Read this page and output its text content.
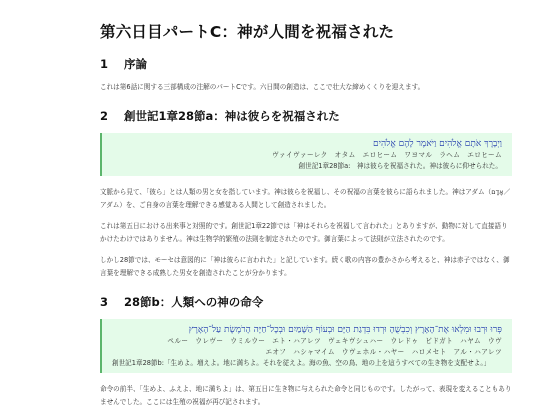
第六日目パートC：神が人間を祝福された
1 序論

これは第6話に関する三部構成の注解のパートCです。六日間の創造は、ここで壮大な締めくくりを迎えます。

2 創世記1章28節a：神は彼らを祝福された
וַיְבָרֶךְ אֹתָם אֱלֹהִים וַיֹּאמֶר לָהֶם אֱלֹהִים
ヴァイヴァーレク　オタム　エロヒーム　ワヨマル　ラヘム　エロヒーム
創世記1章28節a:　神は彼らを祝福された。神は彼らに仰せられた。

文脈から見て、「彼ら」とは人類の男と女を指しています。神は彼らを祝福し、その祝福の言葉を彼らに語られました。神はアダム（אָדָם／アダム）を、ご自身の言葉を理解できる感覚ある人間として創造されました。

これは第五日における出来事と対照的です。創世記1章22節では「神はそれらを祝福して言われた」とありますが、動物に対して直接語りかけたわけではありません。神は生物学的繁殖の法則を制定されたのです。御言葉によって法則が立法されたのです。

しかし28節では、モーセは意図的に「神は彼らに言われた」と記しています。続く歌の内容の豊かさから考えると、神は赤子ではなく、御言葉を理解できる成熟した男女を創造されたことが分かります。

3 28節b：人類への神の命令
פְּרוּ וּרְבוּ וּמִלְאוּ אֶת־הָאָרֶץ וְכִבְשֻׁהָ וּרְדוּ בִּדְגַת הַיָּם וּבְעוֹף הַשָּׁמַיִם וּבְכָל־חַיָּה הָרֹמֶשֶׂת עַל־הָאָרֶץ
ペルー　ウレヴー　ウミルウー　エト・ハアレツ　ヴェキヴシュハー　ウレドゥ　ビドガト　ハヤム　ウヴ
エオフ　ハシャマイム　ウヴェホル・ハヤー　ハロメセト　アル・ハアレツ
創世記1章28節b:「生めよ。増えよ。地に満ちよ。それを従えよ。海の魚、空の鳥、地の上を這うすべての生き物を支配せよ。」

命令の前半、「生めよ、ふえよ、地に満ちよ」は、第五日に生き物に与えられた命令と同じものです。したがって、表現を変えることもありませんでした。ここには生殖の祝福が再び記されます。
